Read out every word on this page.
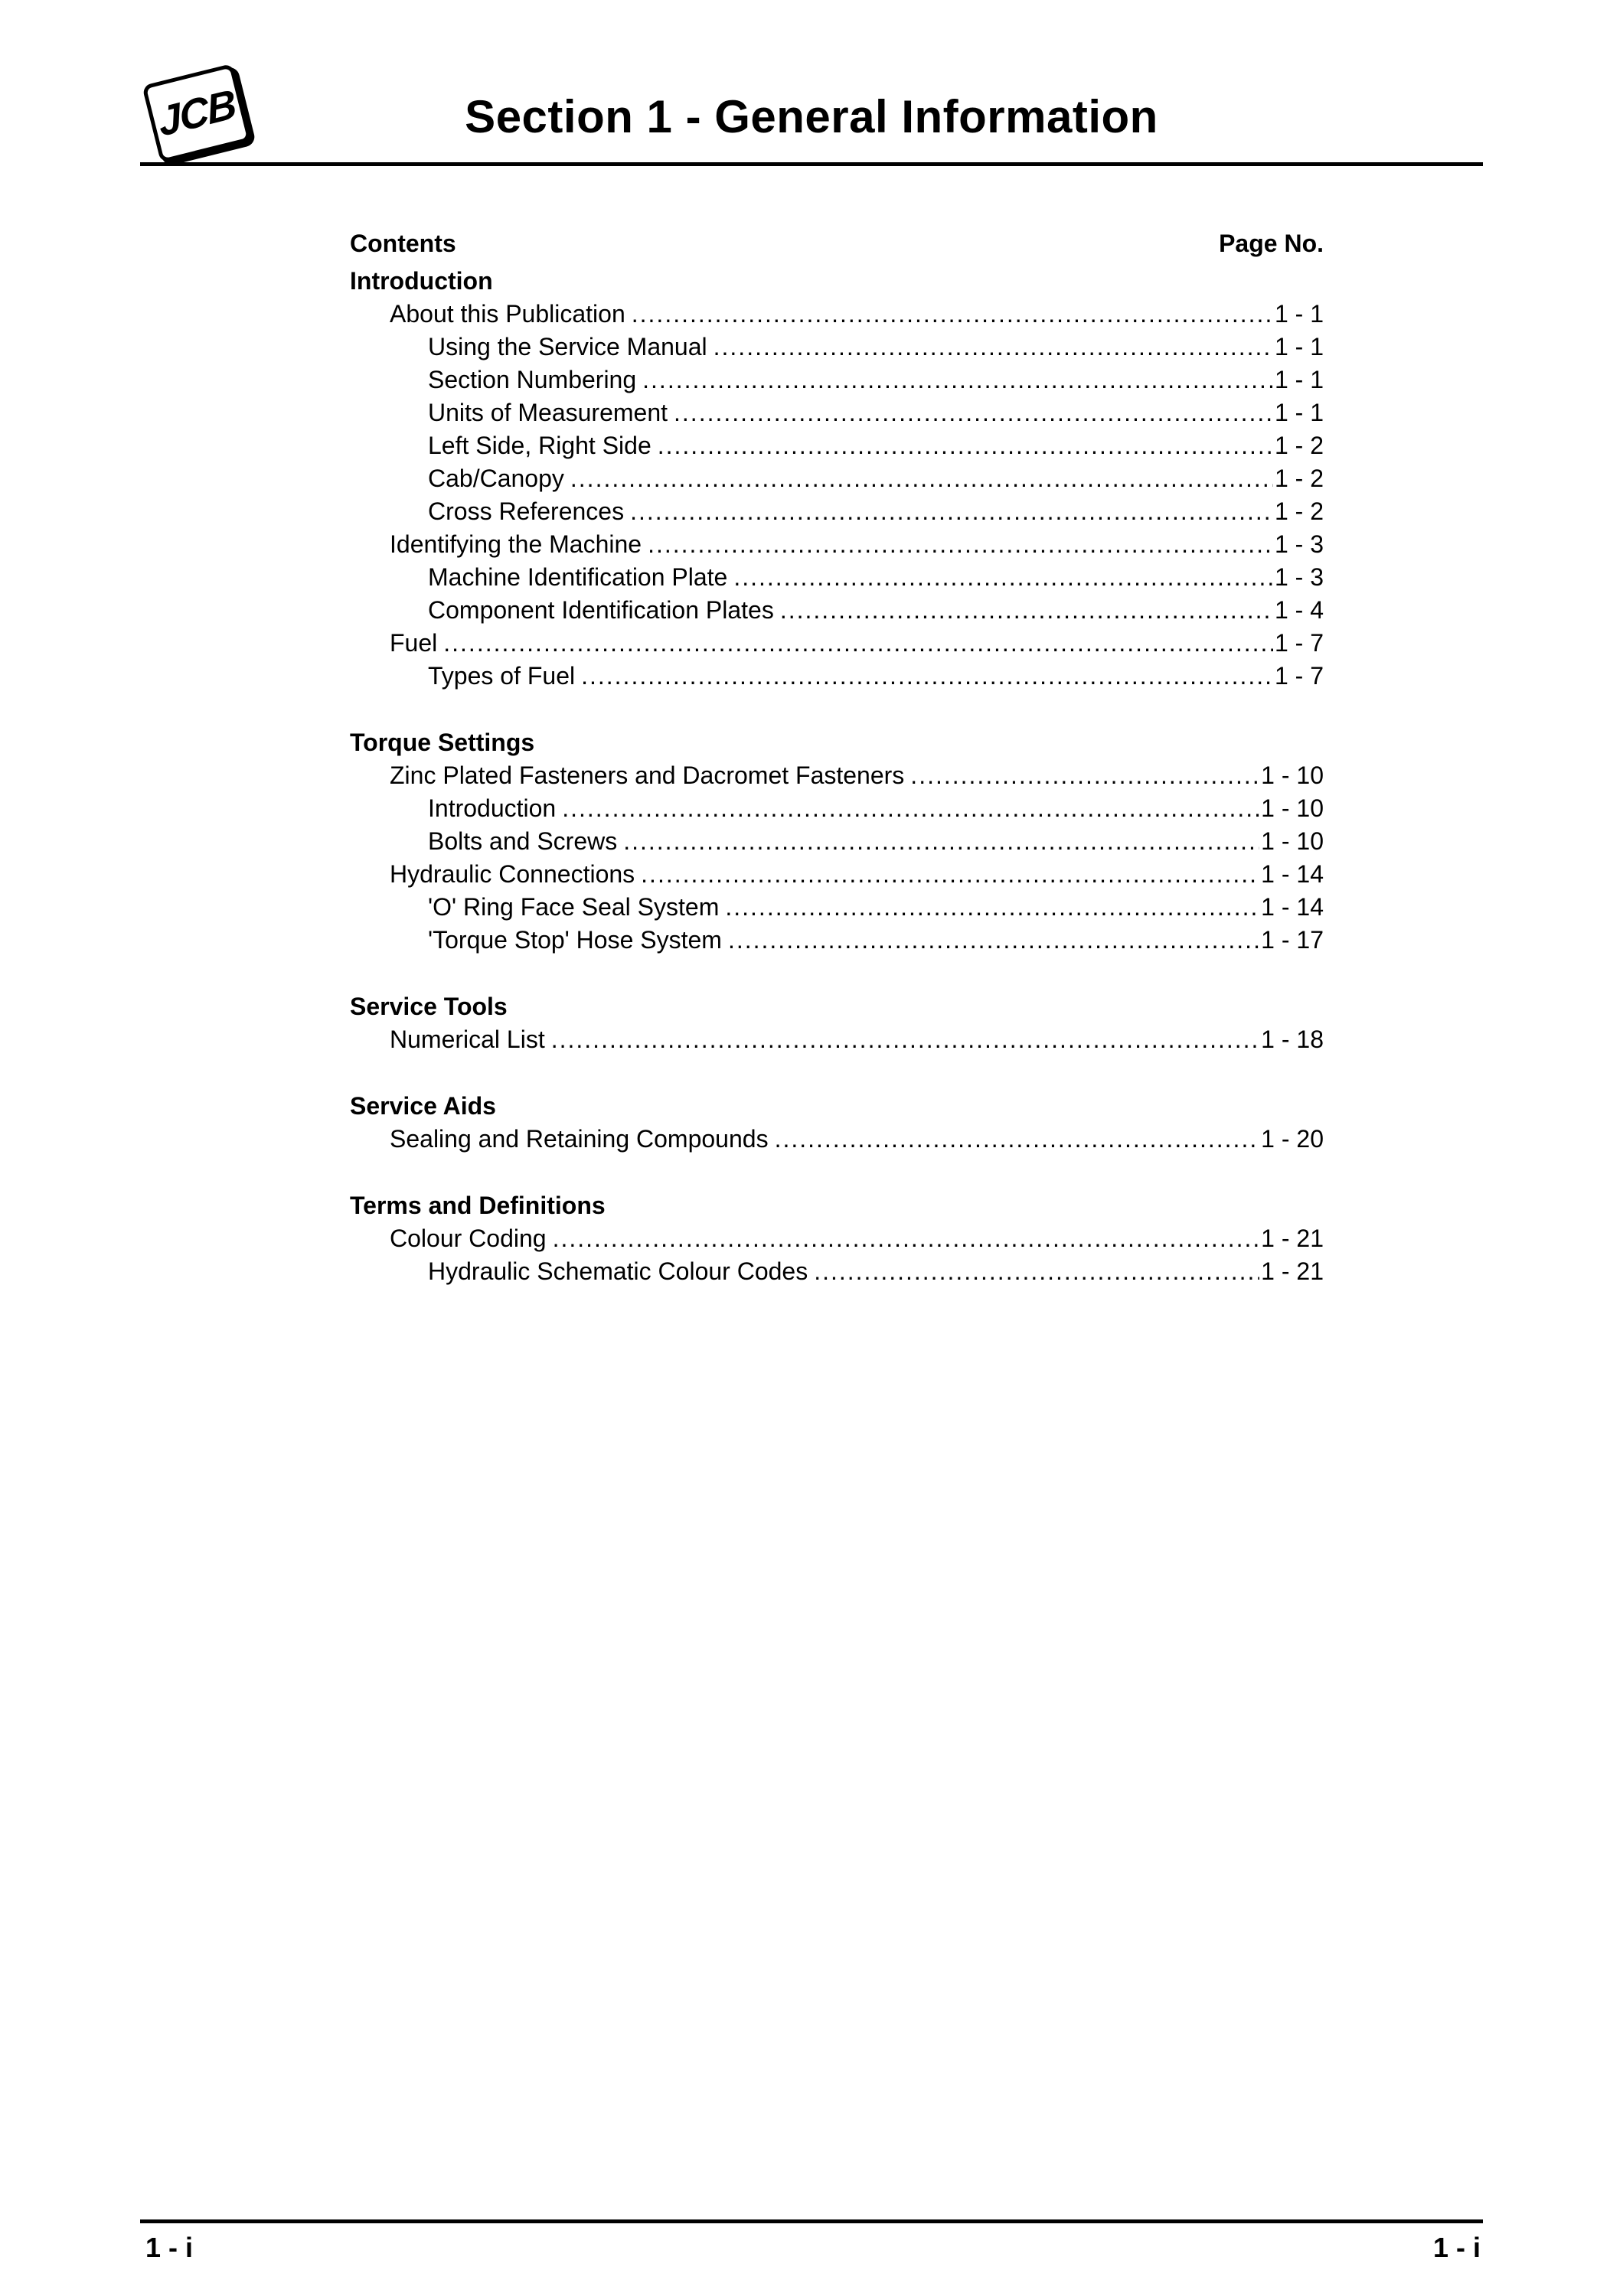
JCB	Section 1 - General Information
Contents	Page No.
Introduction
About this Publication .....	1 - 1
Using the Service Manual .....	1 - 1
Section Numbering .....	1 - 1
Units of Measurement .....	1 - 1
Left Side, Right Side .....	1 - 2
Cab/Canopy .....	1 - 2
Cross References .....	1 - 2
Identifying the Machine .....	1 - 3
Machine Identification Plate .....	1 - 3
Component Identification Plates .....	1 - 4
Fuel .....	1 - 7
Types of Fuel .....	1 - 7
Torque Settings
Zinc Plated Fasteners and Dacromet Fasteners .....	1 - 10
Introduction .....	1 - 10
Bolts and Screws .....	1 - 10
Hydraulic Connections .....	1 - 14
'O' Ring Face Seal System .....	1 - 14
'Torque Stop' Hose System .....	1 - 17
Service Tools
Numerical List .....	1 - 18
Service Aids
Sealing and Retaining Compounds .....	1 - 20
Terms and Definitions
Colour Coding .....	1 - 21
Hydraulic Schematic Colour Codes .....	1 - 21
1 - i	1 - i
